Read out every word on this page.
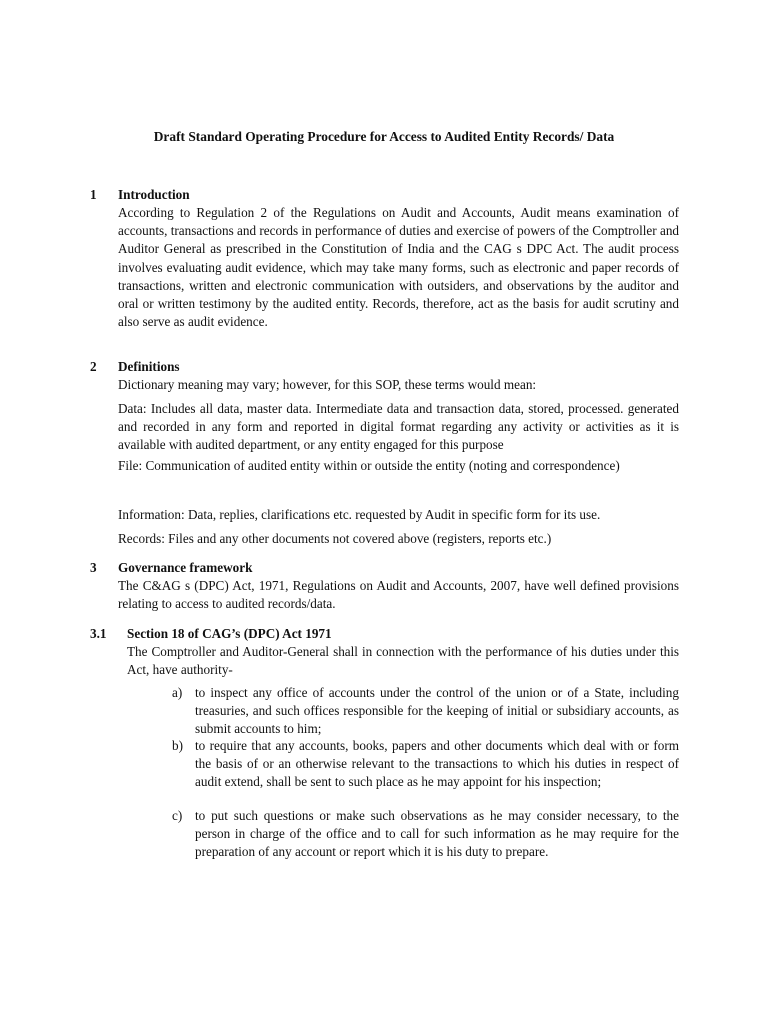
Draft Standard Operating Procedure for Access to Audited Entity Records/ Data
1 Introduction
According to Regulation 2 of the Regulations on Audit and Accounts, Audit means examination of accounts, transactions and records in performance of duties and exercise of powers of the Comptroller and Auditor General as prescribed in the Constitution of India and the CAG s DPC Act. The audit process involves evaluating audit evidence, which may take many forms, such as electronic and paper records of transactions, written and electronic communication with outsiders, and observations by the auditor and oral or written testimony by the audited entity. Records, therefore, act as the basis for audit scrutiny and also serve as audit evidence.
2 Definitions
Dictionary meaning may vary; however, for this SOP, these terms would mean:
Data: Includes all data, master data. Intermediate data and transaction data, stored, processed. generated and recorded in any form and reported in digital format regarding any activity or activities as it is available with audited department, or any entity engaged for this purpose
File: Communication of audited entity within or outside the entity (noting and correspondence)
Information: Data, replies, clarifications etc. requested by Audit in specific form for its use.
Records: Files and any other documents not covered above (registers, reports etc.)
3 Governance framework
The C&AG s (DPC) Act, 1971, Regulations on Audit and Accounts, 2007, have well defined provisions relating to access to audited records/data.
3.1 Section 18 of CAG’s (DPC) Act 1971
The Comptroller and Auditor-General shall in connection with the performance of his duties under this Act, have authority-
a) to inspect any office of accounts under the control of the union or of a State, including treasuries, and such offices responsible for the keeping of initial or subsidiary accounts, as submit accounts to him;
b) to require that any accounts, books, papers and other documents which deal with or form the basis of or an otherwise relevant to the transactions to which his duties in respect of audit extend, shall be sent to such place as he may appoint for his inspection;
c) to put such questions or make such observations as he may consider necessary, to the person in charge of the office and to call for such information as he may require for the preparation of any account or report which it is his duty to prepare.
